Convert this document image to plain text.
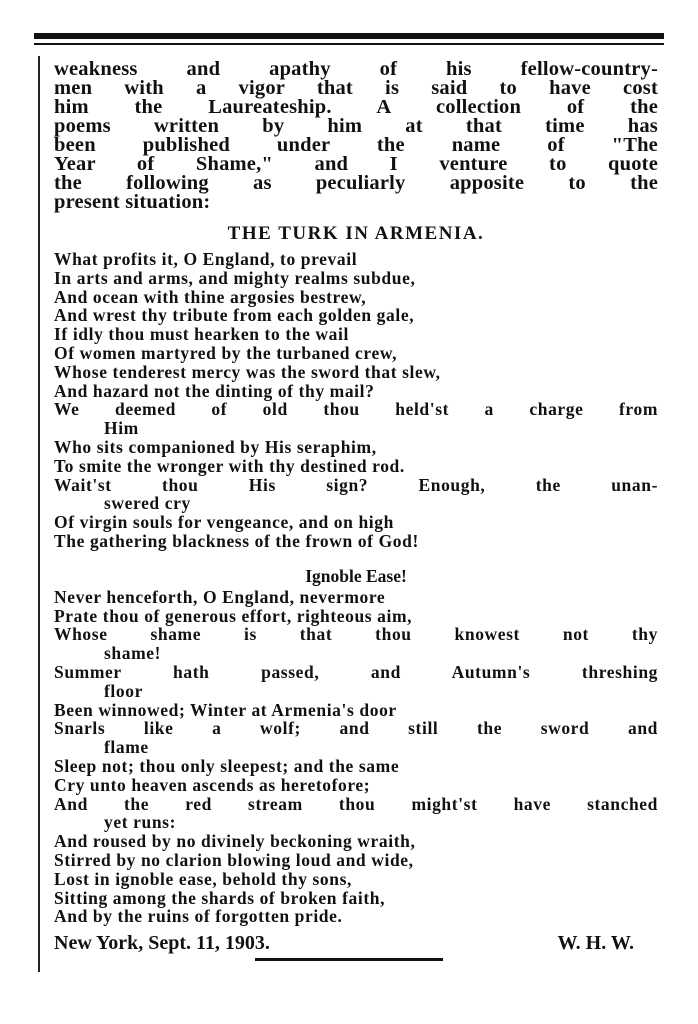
weakness and apathy of his fellow-country-
men with a vigor that is said to have cost
him the Laureateship. A collection of the
poems written by him at that time has
been published under the name of "The
Year of Shame," and I venture to quote
the following as peculiarly apposite to the
present situation:
THE TURK IN ARMENIA.
What profits it, O England, to prevail
In arts and arms, and mighty realms subdue,
And ocean with thine argosies bestrew,
And wrest thy tribute from each golden gale,
If idly thou must hearken to the wail
Of women martyred by the turbaned crew,
Whose tenderest mercy was the sword that slew,
And hazard not the dinting of thy mail?
We deemed of old thou held'st a charge from
Him
Who sits companioned by His seraphim,
To smite the wronger with thy destined rod.
Wait'st thou His sign? Enough, the unan-
swered cry
Of virgin souls for vengeance, and on high
The gathering blackness of the frown of God!
Ignoble Ease!
Never henceforth, O England, nevermore
Prate thou of generous effort, righteous aim,
Whose shame is that thou knowest not thy
shame!
Summer hath passed, and Autumn's threshing
floor
Been winnowed; Winter at Armenia's door
Snarls like a wolf; and still the sword and
flame
Sleep not; thou only sleepest; and the same
Cry unto heaven ascends as heretofore;
And the red stream thou might'st have stanched
yet runs:
And roused by no divinely beckoning wraith,
Stirred by no clarion blowing loud and wide,
Lost in ignoble ease, behold thy sons,
Sitting among the shards of broken faith,
And by the ruins of forgotten pride.
New York, Sept. 11, 1903.	W. H. W.
